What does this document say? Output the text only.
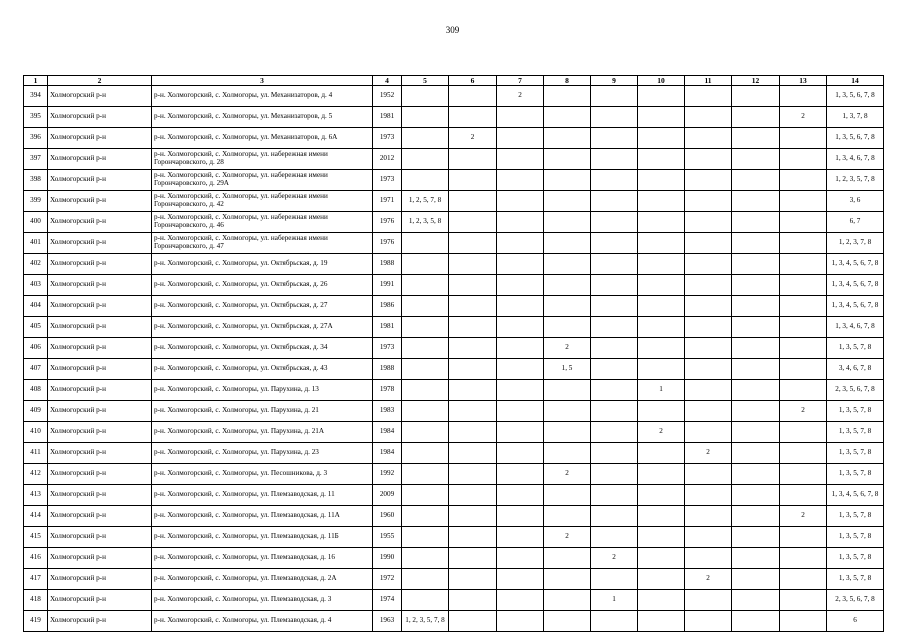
309
1	2	3	4	5	6	7	8	9	10	11	12	13	14
394	Холмогорский р-н	р-н. Холмогорский, с. Холмогоры, ул. Механизаторов, д. 4	1952			2							1, 3, 5, 6, 7, 8
395	Холмогорский р-н	р-н. Холмогорский, с. Холмогоры, ул. Механизаторов, д. 5	1981									2	1, 3, 7, 8
396	Холмогорский р-н	р-н. Холмогорский, с. Холмогоры, ул. Механизаторов, д. 6А	1973		2								1, 3, 5, 6, 7, 8
397	Холмогорский р-н	р-н. Холмогорский, с. Холмогоры, ул. набережная имени Горончаровского, д. 28	2012										1, 3, 4, 6, 7, 8
398	Холмогорский р-н	р-н. Холмогорский, с. Холмогоры, ул. набережная имени Горончаровского, д. 29А	1973										1, 2, 3, 5, 7, 8
399	Холмогорский р-н	р-н. Холмогорский, с. Холмогоры, ул. набережная имени Горончаровского, д. 42	1971	1, 2, 5, 7, 8									3, 6
400	Холмогорский р-н	р-н. Холмогорский, с. Холмогоры, ул. набережная имени Горончаровского, д. 46	1976	1, 2, 3, 5, 8									6, 7
401	Холмогорский р-н	р-н. Холмогорский, с. Холмогоры, ул. набережная имени Горончаровского, д. 47	1976										1, 2, 3, 7, 8
402	Холмогорский р-н	р-н. Холмогорский, с. Холмогоры, ул. Октябрьская, д. 19	1988										1, 3, 4, 5, 6, 7, 8
403	Холмогорский р-н	р-н. Холмогорский, с. Холмогоры, ул. Октябрьская, д. 26	1991										1, 3, 4, 5, 6, 7, 8
404	Холмогорский р-н	р-н. Холмогорский, с. Холмогоры, ул. Октябрьская, д. 27	1986										1, 3, 4, 5, 6, 7, 8
405	Холмогорский р-н	р-н. Холмогорский, с. Холмогоры, ул. Октябрьская, д. 27А	1981										1, 3, 4, 6, 7, 8
406	Холмогорский р-н	р-н. Холмогорский, с. Холмогоры, ул. Октябрьская, д. 34	1973				2						1, 3, 5, 7, 8
407	Холмогорский р-н	р-н. Холмогорский, с. Холмогоры, ул. Октябрьская, д. 43	1988				1, 5						3, 4, 6, 7, 8
408	Холмогорский р-н	р-н. Холмогорский, с. Холмогоры, ул. Парухина, д. 13	1978						1				2, 3, 5, 6, 7, 8
409	Холмогорский р-н	р-н. Холмогорский, с. Холмогоры, ул. Парухина, д. 21	1983									2	1, 3, 5, 7, 8
410	Холмогорский р-н	р-н. Холмогорский, с. Холмогоры, ул. Парухина, д. 21А	1984						2				1, 3, 5, 7, 8
411	Холмогорский р-н	р-н. Холмогорский, с. Холмогоры, ул. Парухина, д. 23	1984							2			1, 3, 5, 7, 8
412	Холмогорский р-н	р-н. Холмогорский, с. Холмогоры, ул. Песошникова, д. 3	1992				2						1, 3, 5, 7, 8
413	Холмогорский р-н	р-н. Холмогорский, с. Холмогоры, ул. Племзаводская, д. 11	2009										1, 3, 4, 5, 6, 7, 8
414	Холмогорский р-н	р-н. Холмогорский, с. Холмогоры, ул. Племзаводская, д. 11А	1960									2	1, 3, 5, 7, 8
415	Холмогорский р-н	р-н. Холмогорский, с. Холмогоры, ул. Племзаводская, д. 11Б	1955				2						1, 3, 5, 7, 8
416	Холмогорский р-н	р-н. Холмогорский, с. Холмогоры, ул. Племзаводская, д. 16	1990					2					1, 3, 5, 7, 8
417	Холмогорский р-н	р-н. Холмогорский, с. Холмогоры, ул. Племзаводская, д. 2А	1972							2			1, 3, 5, 7, 8
418	Холмогорский р-н	р-н. Холмогорский, с. Холмогоры, ул. Племзаводская, д. 3	1974					1					2, 3, 5, 6, 7, 8
419	Холмогорский р-н	р-н. Холмогорский, с. Холмогоры, ул. Племзаводская, д. 4	1963	1, 2, 3, 5, 7, 8									6
